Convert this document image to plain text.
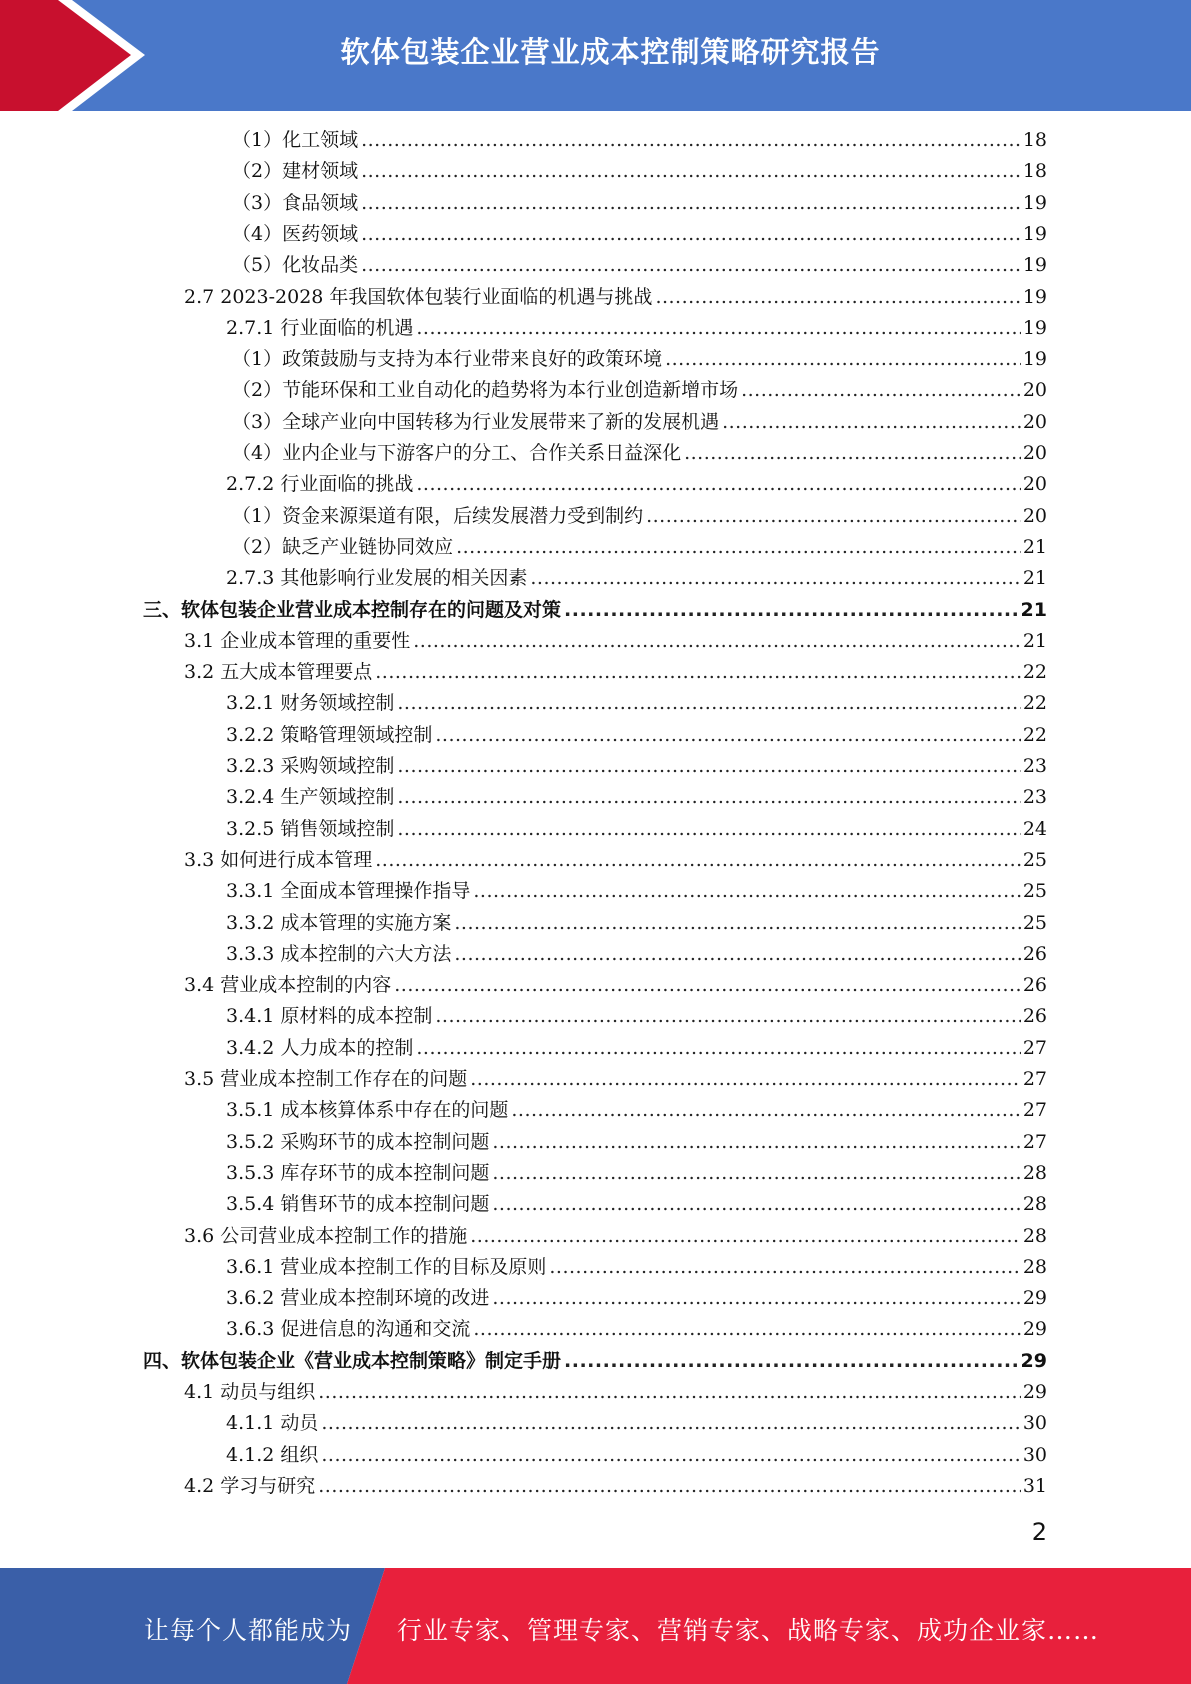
软体包装企业营业成本控制策略研究报告
（1）化工领域 .....	18
（2）建材领域 .....	18
（3）食品领域 .....	19
（4）医药领域 .....	19
（5）化妆品类 .....	19
2.7 2023-2028 年我国软体包装行业面临的机遇与挑战 .....	19
2.7.1 行业面临的机遇 .....	19
（1）政策鼓励与支持为本行业带来良好的政策环境 .....	19
（2）节能环保和工业自动化的趋势将为本行业创造新增市场 .....	20
（3）全球产业向中国转移为行业发展带来了新的发展机遇 .....	20
（4）业内企业与下游客户的分工、合作关系日益深化 .....	20
2.7.2 行业面临的挑战 .....	20
（1）资金来源渠道有限，后续发展潜力受到制约 .....	20
（2）缺乏产业链协同效应 .....	21
2.7.3 其他影响行业发展的相关因素 .....	21
三、软体包装企业营业成本控制存在的问题及对策 .....	21
3.1 企业成本管理的重要性 .....	21
3.2 五大成本管理要点 .....	22
3.2.1 财务领域控制 .....	22
3.2.2 策略管理领域控制 .....	22
3.2.3 采购领域控制 .....	23
3.2.4 生产领域控制 .....	23
3.2.5 销售领域控制 .....	24
3.3 如何进行成本管理 .....	25
3.3.1 全面成本管理操作指导 .....	25
3.3.2 成本管理的实施方案 .....	25
3.3.3 成本控制的六大方法 .....	26
3.4 营业成本控制的内容 .....	26
3.4.1 原材料的成本控制 .....	26
3.4.2 人力成本的控制 .....	27
3.5 营业成本控制工作存在的问题 .....	27
3.5.1 成本核算体系中存在的问题 .....	27
3.5.2 采购环节的成本控制问题 .....	27
3.5.3 库存环节的成本控制问题 .....	28
3.5.4 销售环节的成本控制问题 .....	28
3.6 公司营业成本控制工作的措施 .....	28
3.6.1 营业成本控制工作的目标及原则 .....	28
3.6.2 营业成本控制环境的改进 .....	29
3.6.3 促进信息的沟通和交流 .....	29
四、软体包装企业《营业成本控制策略》制定手册 .....	29
4.1 动员与组织 .....	29
4.1.1 动员 .....	30
4.1.2 组织 .....	30
4.2 学习与研究 .....	31
2
让每个人都能成为 行业专家、管理专家、营销专家、战略专家、成功企业家……
